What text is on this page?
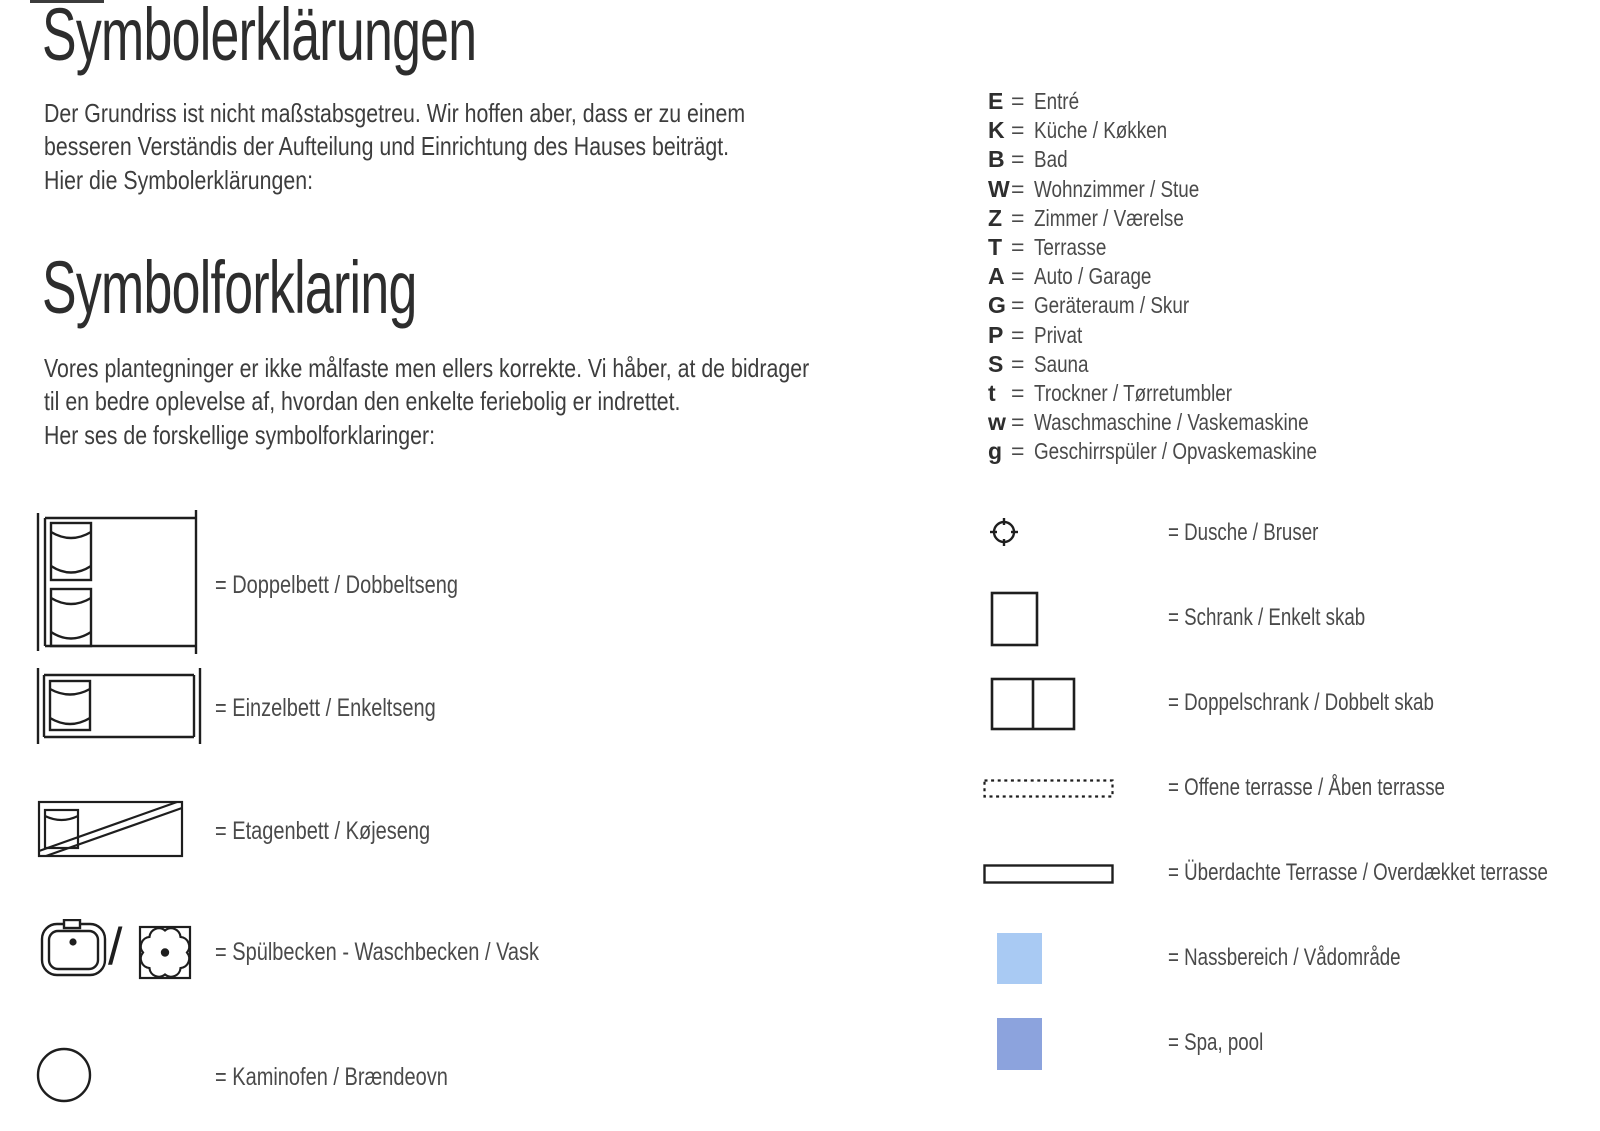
Symbolerklärungen
Der Grundriss ist nicht maßstabsgetreu. Wir hoffen aber, dass er zu einem
besseren Verständis der Aufteilung und Einrichtung des Hauses beiträgt.
Hier die Symbolerklärungen:
Symbolforklaring
Vores plantegninger er ikke målfaste men ellers korrekte. Vi håber, at de bidrager
til en bedre oplevelse af, hvordan den enkelte feriebolig er indrettet.
Her ses de forskellige symbolforklaringer:
= Doppelbett / Dobbeltseng
= Einzelbett / Enkeltseng
= Etagenbett / Køjeseng
/	= Spülbecken - Waschbecken / Vask
= Kaminofen / Brændeovn
E = Entré
K = Küche / Køkken
B = Bad
W = Wohnzimmer / Stue
Z = Zimmer / Værelse
T = Terrasse
A = Auto / Garage
G = Geräteraum / Skur
P = Privat
S = Sauna
t = Trockner / Tørretumbler
w = Waschmaschine / Vaskemaskine
g = Geschirrspüler / Opvaskemaskine
= Dusche / Bruser
= Schrank / Enkelt skab
= Doppelschrank / Dobbelt skab
= Offene terrasse / Åben terrasse
= Überdachte Terrasse / Overdækket terrasse
= Nassbereich / Vådområde
= Spa, pool
